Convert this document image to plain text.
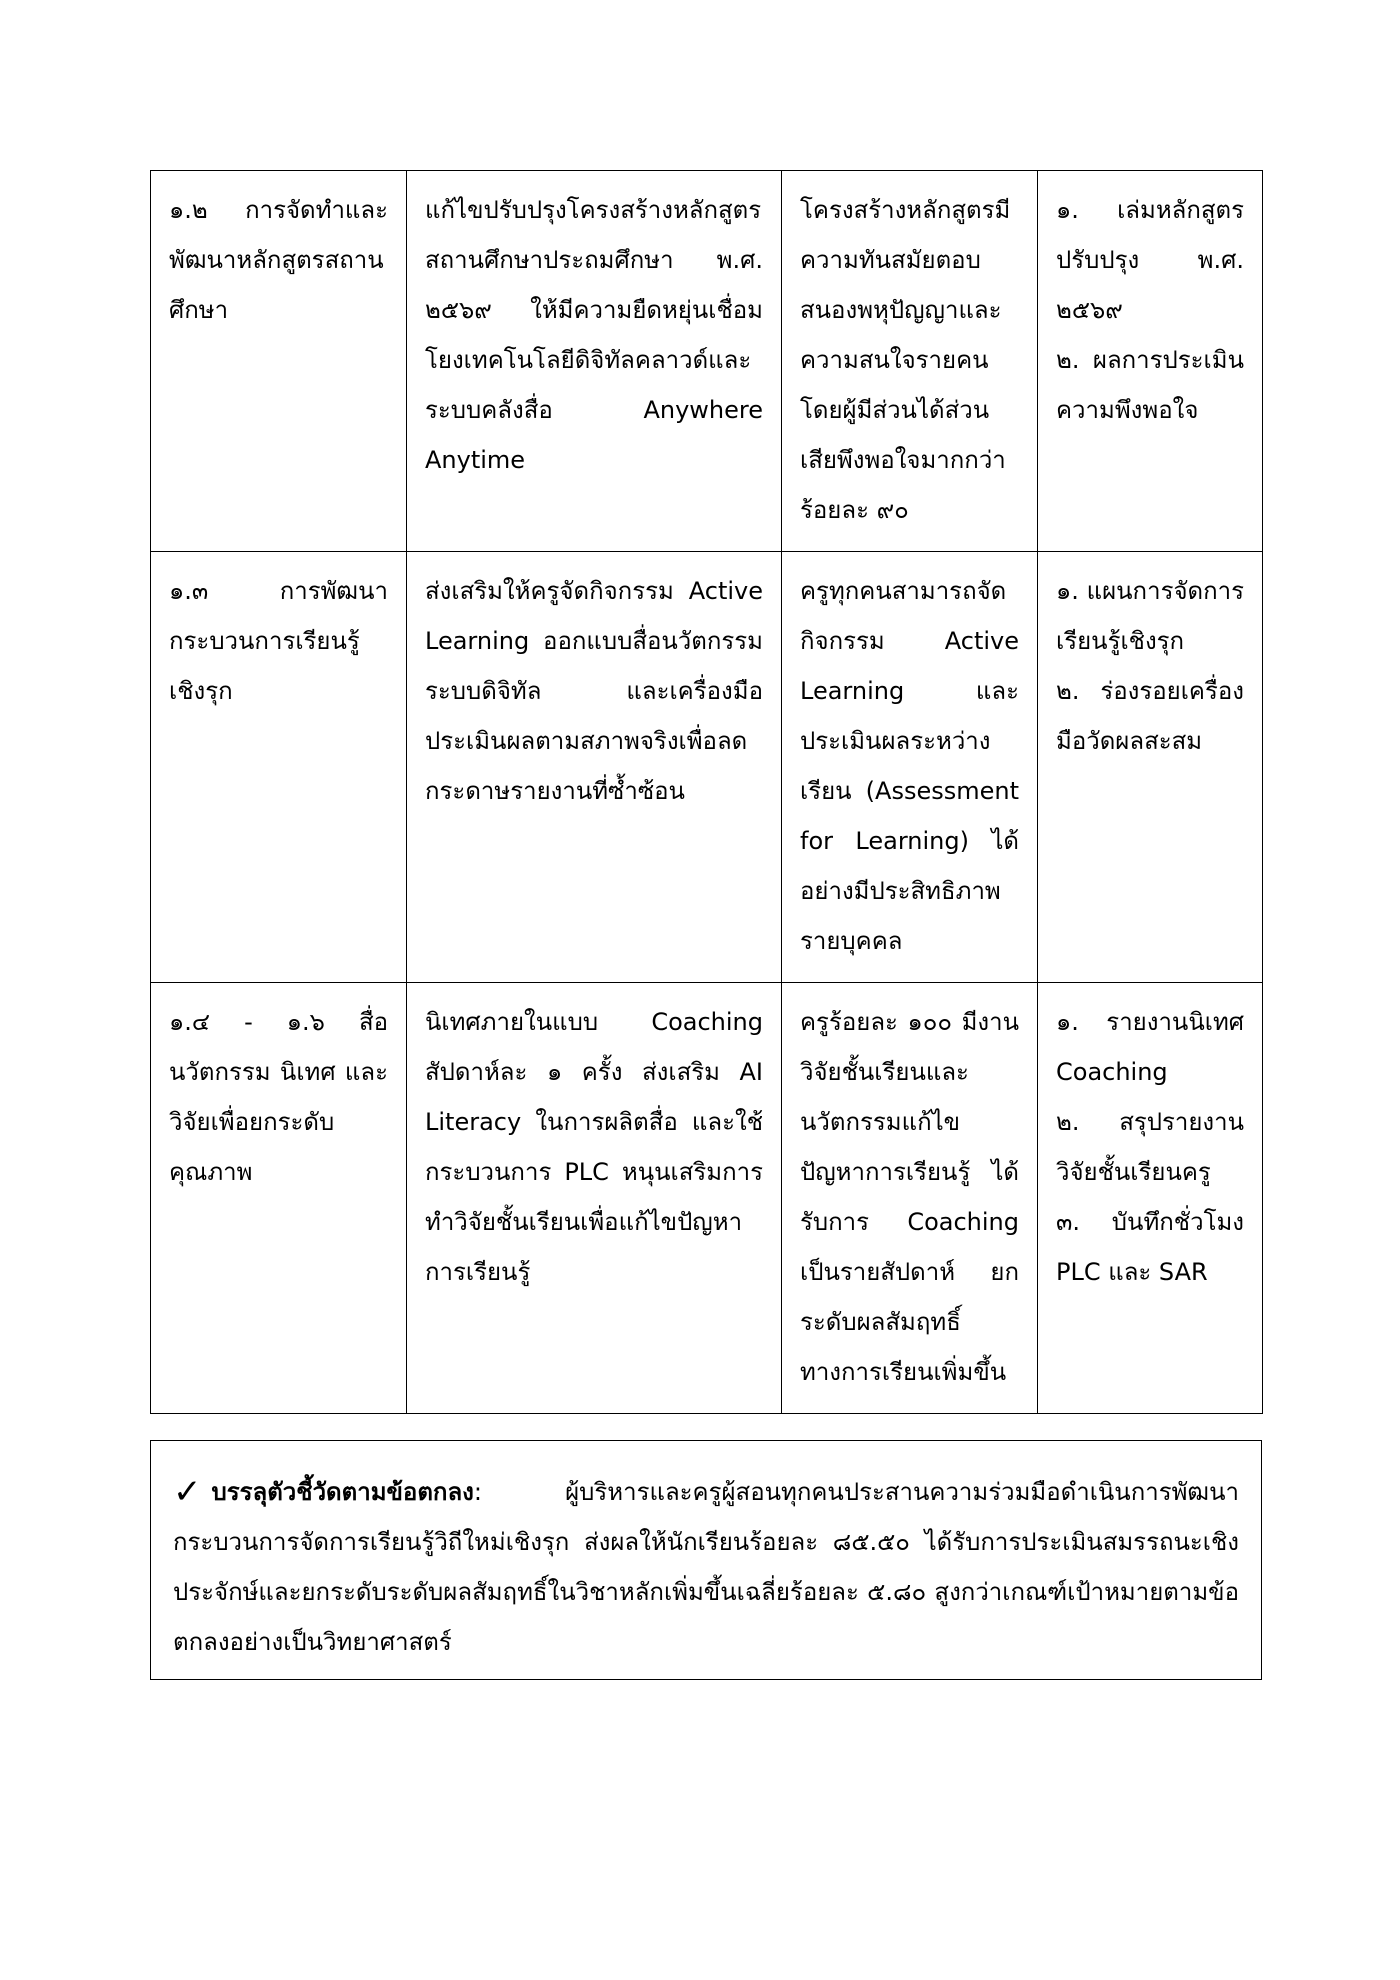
๑.๒ การจัดทำและพัฒนาหลักสูตรสถานศึกษา	แก้ไขปรับปรุงโครงสร้างหลักสูตรสถานศึกษาประถมศึกษา พ.ศ. ๒๕๖๙ ให้มีความยืดหยุ่นเชื่อมโยงเทคโนโลยีดิจิทัลคลาวด์และระบบคลังสื่อ Anywhere Anytime	โครงสร้างหลักสูตรมีความทันสมัยตอบสนองพหุปัญญาและความสนใจรายคนโดยผู้มีส่วนได้ส่วนเสียพึงพอใจมากกว่าร้อยละ ๙๐	๑. เล่มหลักสูตรปรับปรุง พ.ศ. ๒๕๖๙
๒. ผลการประเมินความพึงพอใจ

๑.๓ การพัฒนากระบวนการเรียนรู้เชิงรุก	ส่งเสริมให้ครูจัดกิจกรรม Active Learning ออกแบบสื่อนวัตกรรมระบบดิจิทัล และเครื่องมือประเมินผลตามสภาพจริงเพื่อลดกระดาษรายงานที่ซ้ำซ้อน	ครูทุกคนสามารถจัดกิจกรรม Active Learning และประเมินผลระหว่างเรียน (Assessment for Learning) ได้อย่างมีประสิทธิภาพรายบุคคล	๑. แผนการจัดการเรียนรู้เชิงรุก
๒. ร่องรอยเครื่องมือวัดผลสะสม

๑.๔ - ๑.๖ สื่อ นวัตกรรม นิเทศ และวิจัยเพื่อยกระดับคุณภาพ	นิเทศภายในแบบ Coaching สัปดาห์ละ ๑ ครั้ง ส่งเสริม AI Literacy ในการผลิตสื่อ และใช้กระบวนการ PLC หนุนเสริมการทำวิจัยชั้นเรียนเพื่อแก้ไขปัญหาการเรียนรู้	ครูร้อยละ ๑๐๐ มีงานวิจัยชั้นเรียนและนวัตกรรมแก้ไขปัญหาการเรียนรู้ ได้รับการ Coaching เป็นรายสัปดาห์ ยกระดับผลสัมฤทธิ์ทางการเรียนเพิ่มขึ้น	๑. รายงานนิเทศ Coaching
๒. สรุปรายงานวิจัยชั้นเรียนครู
๓. บันทึกชั่วโมง PLC และ SAR
✓ บรรลุตัวชี้วัดตามข้อตกลง: ผู้บริหารและครูผู้สอนทุกคนประสานความร่วมมือดำเนินการพัฒนากระบวนการจัดการเรียนรู้วิถีใหม่เชิงรุก ส่งผลให้นักเรียนร้อยละ ๘๕.๕๐ ได้รับการประเมินสมรรถนะเชิงประจักษ์และยกระดับระดับผลสัมฤทธิ์ในวิชาหลักเพิ่มขึ้นเฉลี่ยร้อยละ ๕.๘๐ สูงกว่าเกณฑ์เป้าหมายตามข้อตกลงอย่างเป็นวิทยาศาสตร์
